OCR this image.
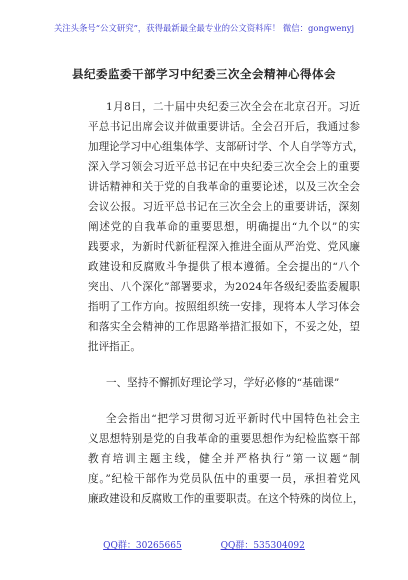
关注头条号“公文研究”，获得最新最全最专业的公文资料库！ 微信：gongwenyj
县纪委监委干部学习中纪委三次全会精神心得体会
1月8日，二十届中央纪委三次全会在北京召开。习近
平总书记出席会议并做重要讲话。全会召开后，我通过参
加理论学习中心组集体学、支部研讨学、个人自学等方式，
深入学习领会习近平总书记在中央纪委三次全会上的重要
讲话精神和关于党的自我革命的重要论述，以及三次全会
会议公报。习近平总书记在三次全会上的重要讲话，深刻
阐述党的自我革命的重要思想，明确提出“九个以”的实
践要求，为新时代新征程深入推进全面从严治党、党风廉
政建设和反腐败斗争提供了根本遵循。全会提出的“八个
突出、八个深化”部署要求，为2024年各级纪委监委履职
指明了工作方向。按照组织统一安排，现将本人学习体会
和落实全会精神的工作思路举措汇报如下，不妥之处，望
批评指正。
一、坚持不懈抓好理论学习，学好必修的“基础课”
全会指出“把学习贯彻习近平新时代中国特色社会主
义思想特别是党的自我革命的重要思想作为纪检监察干部
教育培训主题主线，健全并严格执行”第一议题“制
度。”纪检干部作为党员队伍中的重要一员，承担着党风
廉政建设和反腐败工作的重要职责。在这个特殊的岗位上，
QQ群：30265665	QQ群：535304092
